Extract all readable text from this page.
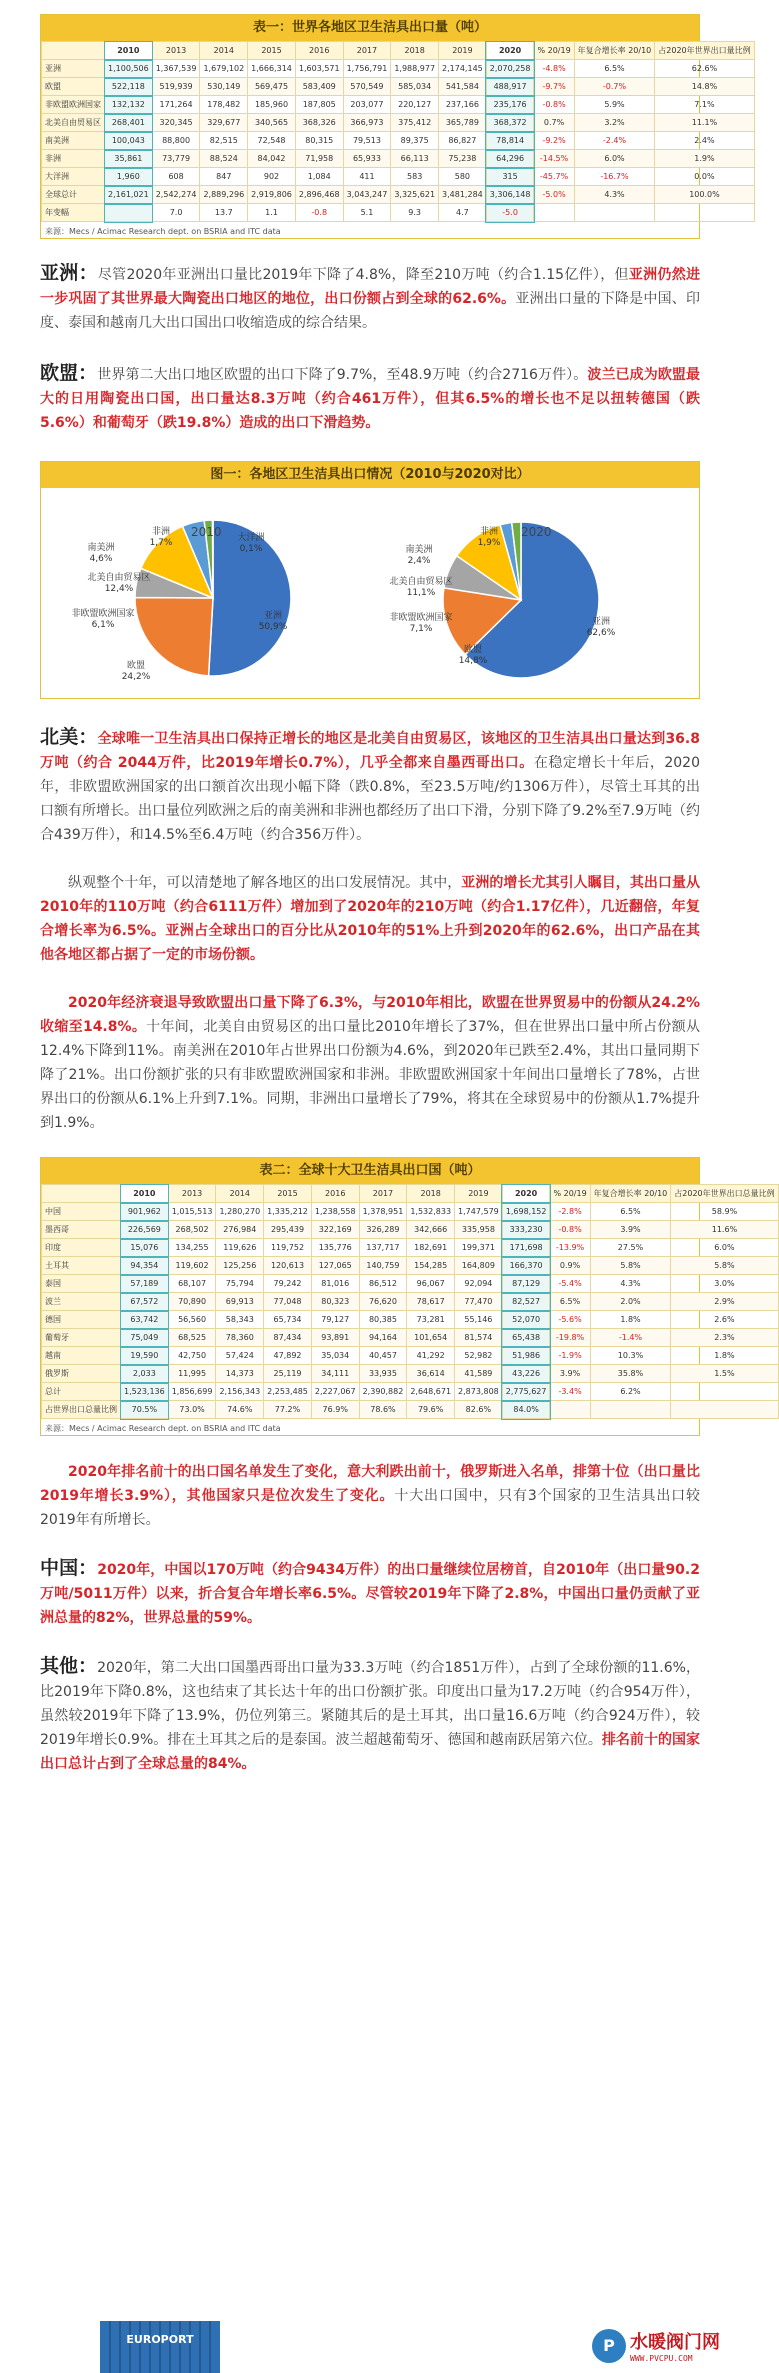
表一：世界各地区卫生洁具出口量（吨）
	2010	2013	2014	2015	2016	2017	2018	2019	2020	% 20/19	年复合增长率 20/10	占2020年世界出口量比例
亚洲	1,100,506	1,367,539	1,679,102	1,666,314	1,603,571	1,756,791	1,988,977	2,174,145	2,070,258	-4.8%	6.5%	62.6%
欧盟	522,118	519,939	530,149	569,475	583,409	570,549	585,034	541,584	488,917	-9.7%	-0.7%	14.8%
非欧盟欧洲国家	132,132	171,264	178,482	185,960	187,805	203,077	220,127	237,166	235,176	-0.8%	5.9%	7.1%
北美自由贸易区	268,401	320,345	329,677	340,565	368,326	366,973	375,412	365,789	368,372	0.7%	3.2%	11.1%
南美洲	100,043	88,800	82,515	72,548	80,315	79,513	89,375	86,827	78,814	-9.2%	-2.4%	2.4%
非洲	35,861	73,779	88,524	84,042	71,958	65,933	66,113	75,238	64,296	-14.5%	6.0%	1.9%
大洋洲	1,960	608	847	902	1,084	411	583	580	315	-45.7%	-16.7%	0.0%
全球总计	2,161,021	2,542,274	2,889,296	2,919,806	2,896,468	3,043,247	3,325,621	3,481,284	3,306,148	-5.0%	4.3%	100.0%
年变幅		7.0	13.7	1.1	-0.8	5.1	9.3	4.7	-5.0			
来源：Mecs / Acimac Research dept. on BSRIA and ITC data
亚洲：尽管2020年亚洲出口量比2019年下降了4.8%，降至210万吨（约合1.15亿件），但亚洲仍然进一步巩固了其世界最大陶瓷出口地区的地位，出口份额占到全球的62.6%。亚洲出口量的下降是中国、印度、泰国和越南几大出口国出口收缩造成的综合结果。
欧盟：世界第二大出口地区欧盟的出口下降了9.7%，至48.9万吨（约合2716万件）。波兰已成为欧盟最大的日用陶瓷出口国，出口量达8.3万吨（约合461万件），但其6.5%的增长也不足以扭转德国（跌5.6%）和葡萄牙（跌19.8%）造成的出口下滑趋势。
图一：各地区卫生洁具出口情况（2010与2020对比）
2010
亚洲
50,9%
欧盟
24,2%
非欧盟欧洲国家
6,1%
北美自由贸易区
12,4%
南美洲
4,6%
非洲
1,7%	大洋洲
0,1%
2020
亚洲
62,6%
欧盟
14,8%
非欧盟欧洲国家
7,1%
北美自由贸易区
11,1%
南美洲
2,4%
非洲
1,9%
北美：全球唯一卫生洁具出口保持正增长的地区是北美自由贸易区，该地区的卫生洁具出口量达到36.8万吨（约合 2044万件，比2019年增长0.7%），几乎全都来自墨西哥出口。在稳定增长十年后，2020年，非欧盟欧洲国家的出口额首次出现小幅下降（跌0.8%，至23.5万吨/约1306万件），尽管土耳其的出口额有所增长。出口量位列欧洲之后的南美洲和非洲也都经历了出口下滑，分别下降了9.2%至7.9万吨（约合439万件），和14.5%至6.4万吨（约合356万件）。
纵观整个十年，可以清楚地了解各地区的出口发展情况。其中，亚洲的增长尤其引人瞩目，其出口量从2010年的110万吨（约合6111万件）增加到了2020年的210万吨（约合1.17亿件），几近翻倍，年复合增长率为6.5%。亚洲占全球出口的百分比从2010年的51%上升到2020年的62.6%，出口产品在其他各地区都占据了一定的市场份额。
2020年经济衰退导致欧盟出口量下降了6.3%，与2010年相比，欧盟在世界贸易中的份额从24.2%收缩至14.8%。十年间，北美自由贸易区的出口量比2010年增长了37%，但在世界出口量中所占份额从12.4%下降到11%。南美洲在2010年占世界出口份额为4.6%，到2020年已跌至2.4%，其出口量同期下降了21%。出口份额扩张的只有非欧盟欧洲国家和非洲。非欧盟欧洲国家十年间出口量增长了78%，占世界出口的份额从6.1%上升到7.1%。同期，非洲出口量增长了79%，将其在全球贸易中的份额从1.7%提升到1.9%。
表二：全球十大卫生洁具出口国（吨）
	2010	2013	2014	2015	2016	2017	2018	2019	2020	% 20/19	年复合增长率 20/10	占2020年世界出口总量比例
中国	901,962	1,015,513	1,280,270	1,335,212	1,238,558	1,378,951	1,532,833	1,747,579	1,698,152	-2.8%	6.5%	58.9%
墨西哥	226,569	268,502	276,984	295,439	322,169	326,289	342,666	335,958	333,230	-0.8%	3.9%	11.6%
印度	15,076	134,255	119,626	119,752	135,776	137,717	182,691	199,371	171,698	-13.9%	27.5%	6.0%
土耳其	94,354	119,602	125,256	120,613	127,065	140,759	154,285	164,809	166,370	0.9%	5.8%	5.8%
泰国	57,189	68,107	75,794	79,242	81,016	86,512	96,067	92,094	87,129	-5.4%	4.3%	3.0%
波兰	67,572	70,890	69,913	77,048	80,323	76,620	78,617	77,470	82,527	6.5%	2.0%	2.9%
德国	63,742	56,560	58,343	65,734	79,127	80,385	73,281	55,146	52,070	-5.6%	1.8%	2.6%
葡萄牙	75,049	68,525	78,360	87,434	93,891	94,164	101,654	81,574	65,438	-19.8%	-1.4%	2.3%
越南	19,590	42,750	57,424	47,892	35,034	40,457	41,292	52,982	51,986	-1.9%	10.3%	1.8%
俄罗斯	2,033	11,995	14,373	25,119	34,111	33,935	36,614	41,589	43,226	3.9%	35.8%	1.5%
总计	1,523,136	1,856,699	2,156,343	2,253,485	2,227,067	2,390,882	2,648,671	2,873,808	2,775,627	-3.4%	6.2%	
占世界出口总量比例	70.5%	73.0%	74.6%	77.2%	76.9%	78.6%	79.6%	82.6%	84.0%			
来源：Mecs / Acimac Research dept. on BSRIA and ITC data
2020年排名前十的出口国名单发生了变化，意大利跌出前十，俄罗斯进入名单，排第十位（出口量比2019年增长3.9%），其他国家只是位次发生了变化。十大出口国中，只有3个国家的卫生洁具出口较2019年有所增长。
中国：2020年，中国以170万吨（约合9434万件）的出口量继续位居榜首，自2010年（出口量90.2万吨/5011万件）以来，折合复合年增长率6.5%。尽管较2019年下降了2.8%，中国出口量仍贡献了亚洲总量的82%，世界总量的59%。
其他：2020年，第二大出口国墨西哥出口量为33.3万吨（约合1851万件），占到了全球份额的11.6%，比2019年下降0.8%，这也结束了其长达十年的出口份额扩张。印度出口量为17.2万吨（约合954万件），虽然较2019年下降了13.9%，仍位列第三。紧随其后的是土耳其，出口量16.6万吨（约合924万件），较2019年增长0.9%。排在土耳其之后的是泰国。波兰超越葡萄牙、德国和越南跃居第六位。排名前十的国家出口总计占到了全球总量的84%。
EUROPORT	P 水暖阀门网
WWW.PVCPU.COM
